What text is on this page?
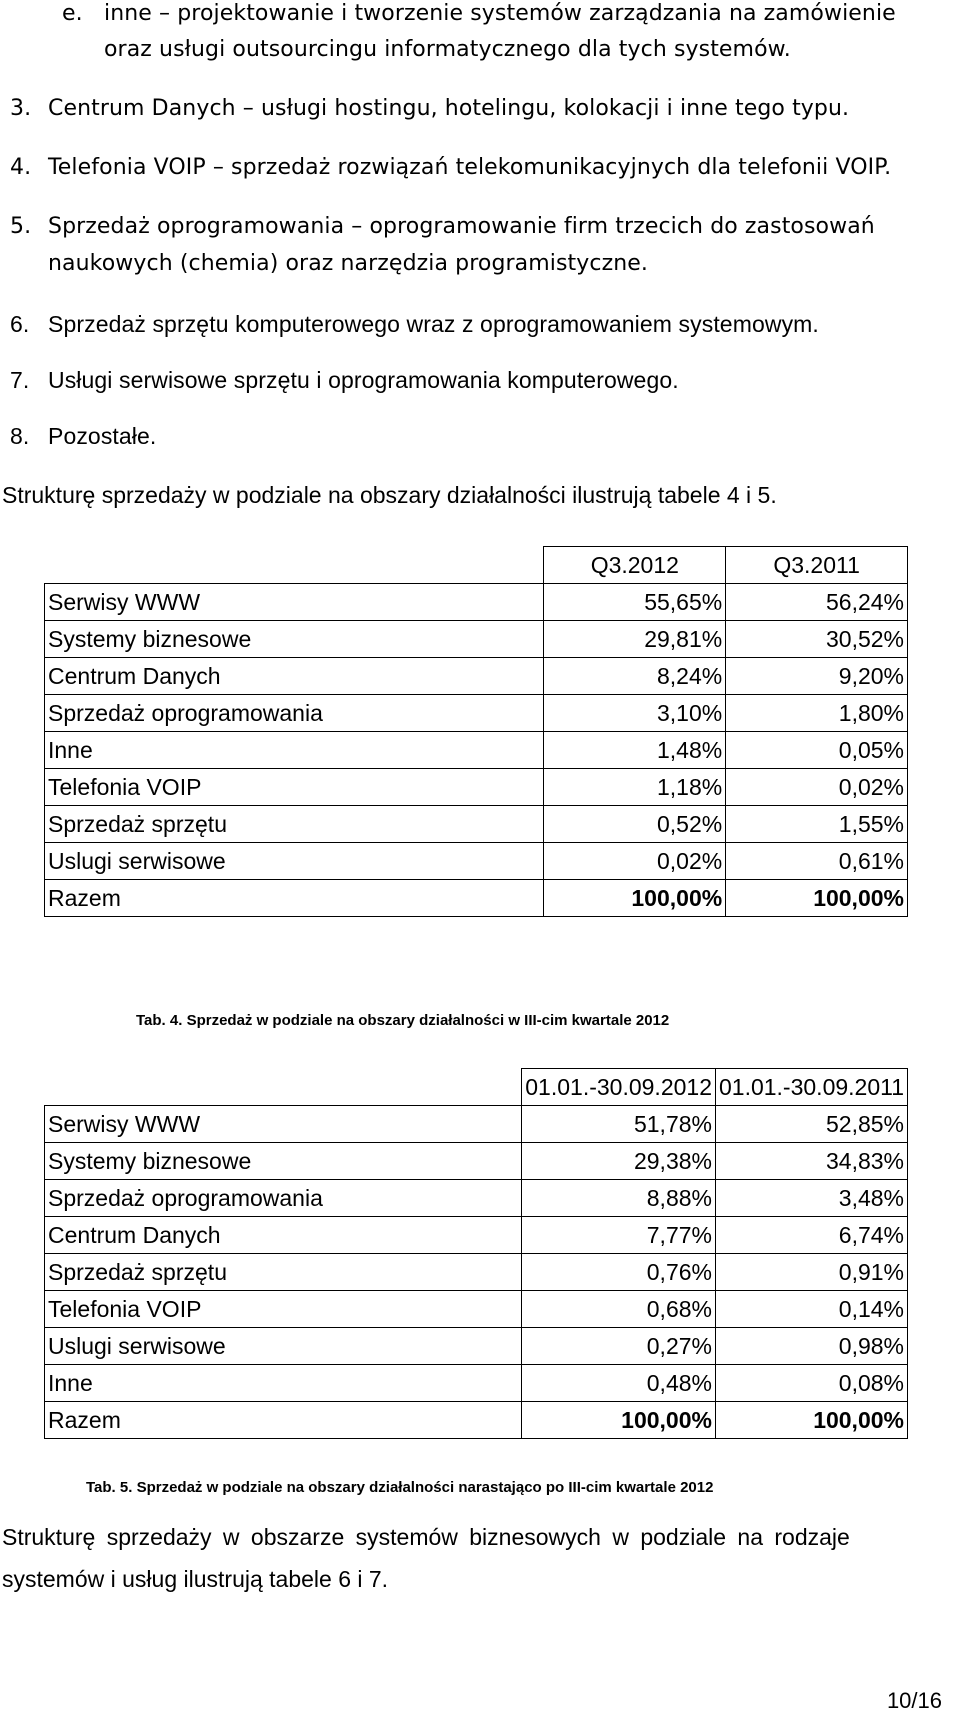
e. inne – projektowanie i tworzenie systemów zarządzania na zamówienie
oraz usługi outsourcingu informatycznego dla tych systemów.
3. Centrum Danych – usługi hostingu, hotelingu, kolokacji i inne tego typu.
4. Telefonia VOIP – sprzedaż rozwiązań telekomunikacyjnych dla telefonii VOIP.
5. Sprzedaż oprogramowania – oprogramowanie firm trzecich do zastosowań
naukowych (chemia) oraz narzędzia programistyczne.
6. Sprzedaż sprzętu komputerowego wraz z oprogramowaniem systemowym.
7. Usługi serwisowe sprzętu i oprogramowania komputerowego.
8. Pozostałe.
Strukturę sprzedaży w podziale na obszary działalności ilustrują tabele 4 i 5.
	Q3.2012	Q3.2011
Serwisy WWW	55,65%	56,24%
Systemy biznesowe	29,81%	30,52%
Centrum Danych	8,24%	9,20%
Sprzedaż oprogramowania	3,10%	1,80%
Inne	1,48%	0,05%
Telefonia VOIP	1,18%	0,02%
Sprzedaż sprzętu	0,52%	1,55%
Uslugi serwisowe	0,02%	0,61%
Razem	100,00%	100,00%
Tab. 4. Sprzedaż w podziale na obszary działalności w III-cim kwartale 2012
	01.01.-30.09.2012	01.01.-30.09.2011
Serwisy WWW	51,78%	52,85%
Systemy biznesowe	29,38%	34,83%
Sprzedaż oprogramowania	8,88%	3,48%
Centrum Danych	7,77%	6,74%
Sprzedaż sprzętu	0,76%	0,91%
Telefonia VOIP	0,68%	0,14%
Uslugi serwisowe	0,27%	0,98%
Inne	0,48%	0,08%
Razem	100,00%	100,00%
Tab. 5. Sprzedaż w podziale na obszary działalności narastająco po III-cim kwartale 2012
Strukturę sprzedaży w obszarze systemów biznesowych w podziale na rodzaje
systemów i usług ilustrują tabele 6 i 7.
10/16
